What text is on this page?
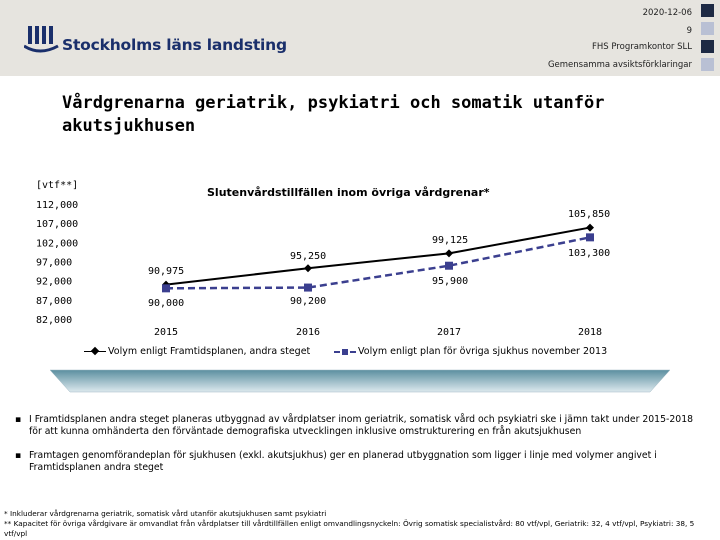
Stockholms läns landsting
2020-12-06
9
FHS Programkontor SLL
Gemensamma avsiktsförklaringar
Vårdgrenarna geriatrik, psykiatri och somatik utanför akutsjukhusen
[vtf**]
Slutenvårdstillfällen inom övriga vårdgrenar*
112,000
107,000
102,000
97,000
92,000
87,000
82,000
2015	2016	2017	2018
90,975
95,250
99,125
105,850
90,000	90,200
95,900
103,300
Volym enligt Framtidsplanen, andra steget	Volym enligt plan för övriga sjukhus november 2013
▪ I Framtidsplanen andra steget planeras utbyggnad av vårdplatser inom geriatrik, somatisk vård och psykiatri ske i jämn takt under 2015-2018 för att kunna omhänderta den förväntade demografiska utvecklingen inklusive omstrukturering en från akutsjukhusen
▪ Framtagen genomförandeplan för sjukhusen (exkl. akutsjukhus) ger en planerad utbyggnation som ligger i linje med volymer angivet i Framtidsplanen andra steget
* Inkluderar vårdgrenarna geriatrik, somatisk vård utanför akutsjukhusen samt psykiatri
** Kapacitet för övriga vårdgivare är omvandlat från vårdplatser till vårdtillfällen enligt omvandlingsnyckeln: Övrig somatisk specialistvård: 80 vtf/vpl, Geriatrik: 32, 4 vtf/vpl, Psykiatri: 38, 5 vtf/vpl
